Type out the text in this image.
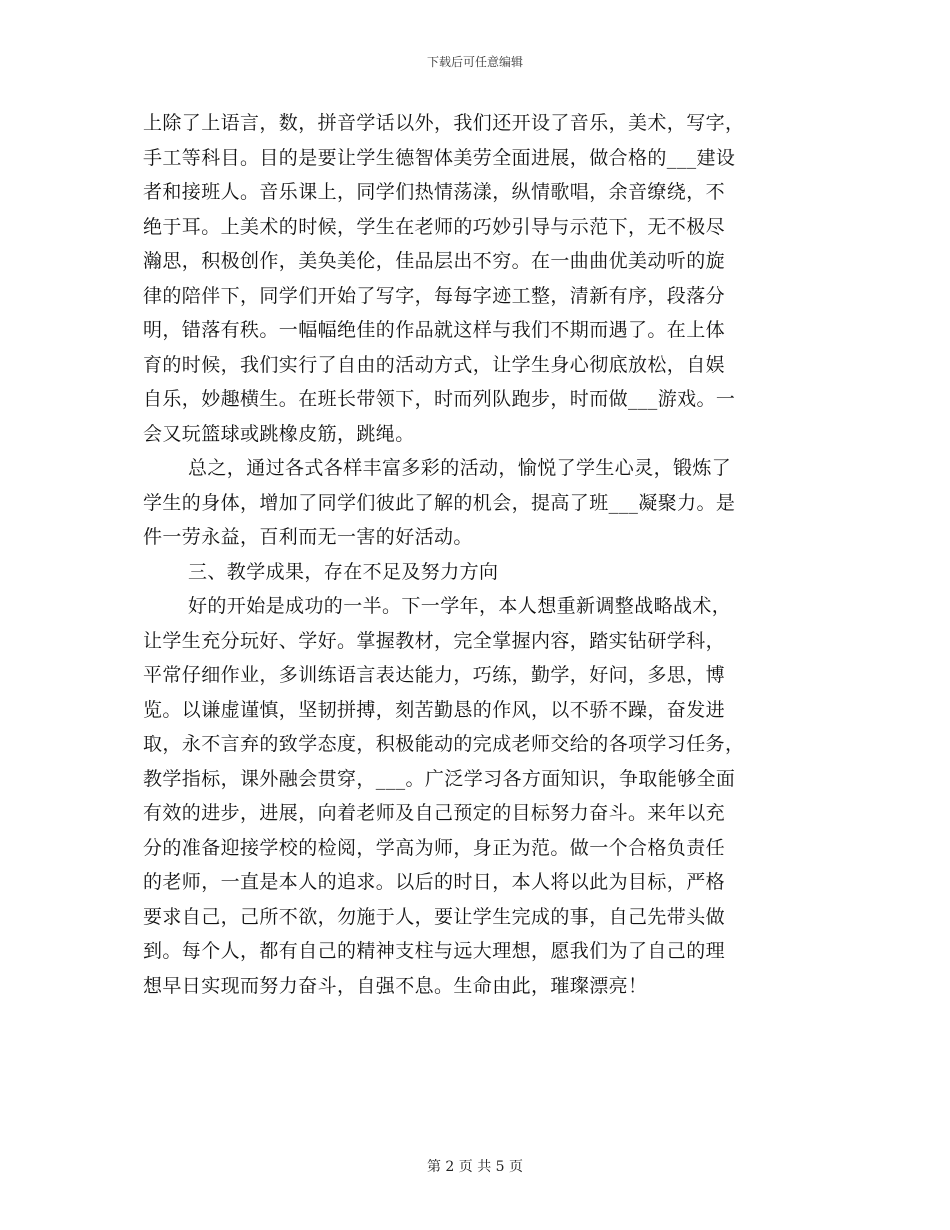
下载后可任意编辑
上除了上语言，数，拼音学话以外，我们还开设了音乐，美术，写字，
手工等科目。目的是要让学生德智体美劳全面进展，做合格的___建设
者和接班人。音乐课上，同学们热情荡漾，纵情歌唱，余音缭绕，不
绝于耳。上美术的时候，学生在老师的巧妙引导与示范下，无不极尽
瀚思，积极创作，美奂美伦，佳品层出不穷。在一曲曲优美动听的旋
律的陪伴下，同学们开始了写字，每每字迹工整，清新有序，段落分
明，错落有秩。一幅幅绝佳的作品就这样与我们不期而遇了。在上体
育的时候，我们实行了自由的活动方式，让学生身心彻底放松，自娱
自乐，妙趣横生。在班长带领下，时而列队跑步，时而做___游戏。一
会又玩篮球或跳橡皮筋，跳绳。
总之，通过各式各样丰富多彩的活动，愉悦了学生心灵，锻炼了
学生的身体，增加了同学们彼此了解的机会，提高了班___凝聚力。是
件一劳永益，百利而无一害的好活动。
三、教学成果，存在不足及努力方向
好的开始是成功的一半。下一学年，本人想重新调整战略战术，
让学生充分玩好、学好。掌握教材，完全掌握内容，踏实钻研学科，
平常仔细作业，多训练语言表达能力，巧练，勤学，好问，多思，博
览。以谦虚谨慎，坚韧拼搏，刻苦勤恳的作风，以不骄不躁，奋发进
取，永不言弃的致学态度，积极能动的完成老师交给的各项学习任务，
教学指标，课外融会贯穿，___。广泛学习各方面知识，争取能够全面
有效的进步，进展，向着老师及自己预定的目标努力奋斗。来年以充
分的准备迎接学校的检阅，学高为师，身正为范。做一个合格负责任
的老师，一直是本人的追求。以后的时日，本人将以此为目标，严格
要求自己，己所不欲，勿施于人，要让学生完成的事，自己先带头做
到。每个人，都有自己的精神支柱与远大理想，愿我们为了自己的理
想早日实现而努力奋斗，自强不息。生命由此，璀璨漂亮！
第 2 页 共 5 页
